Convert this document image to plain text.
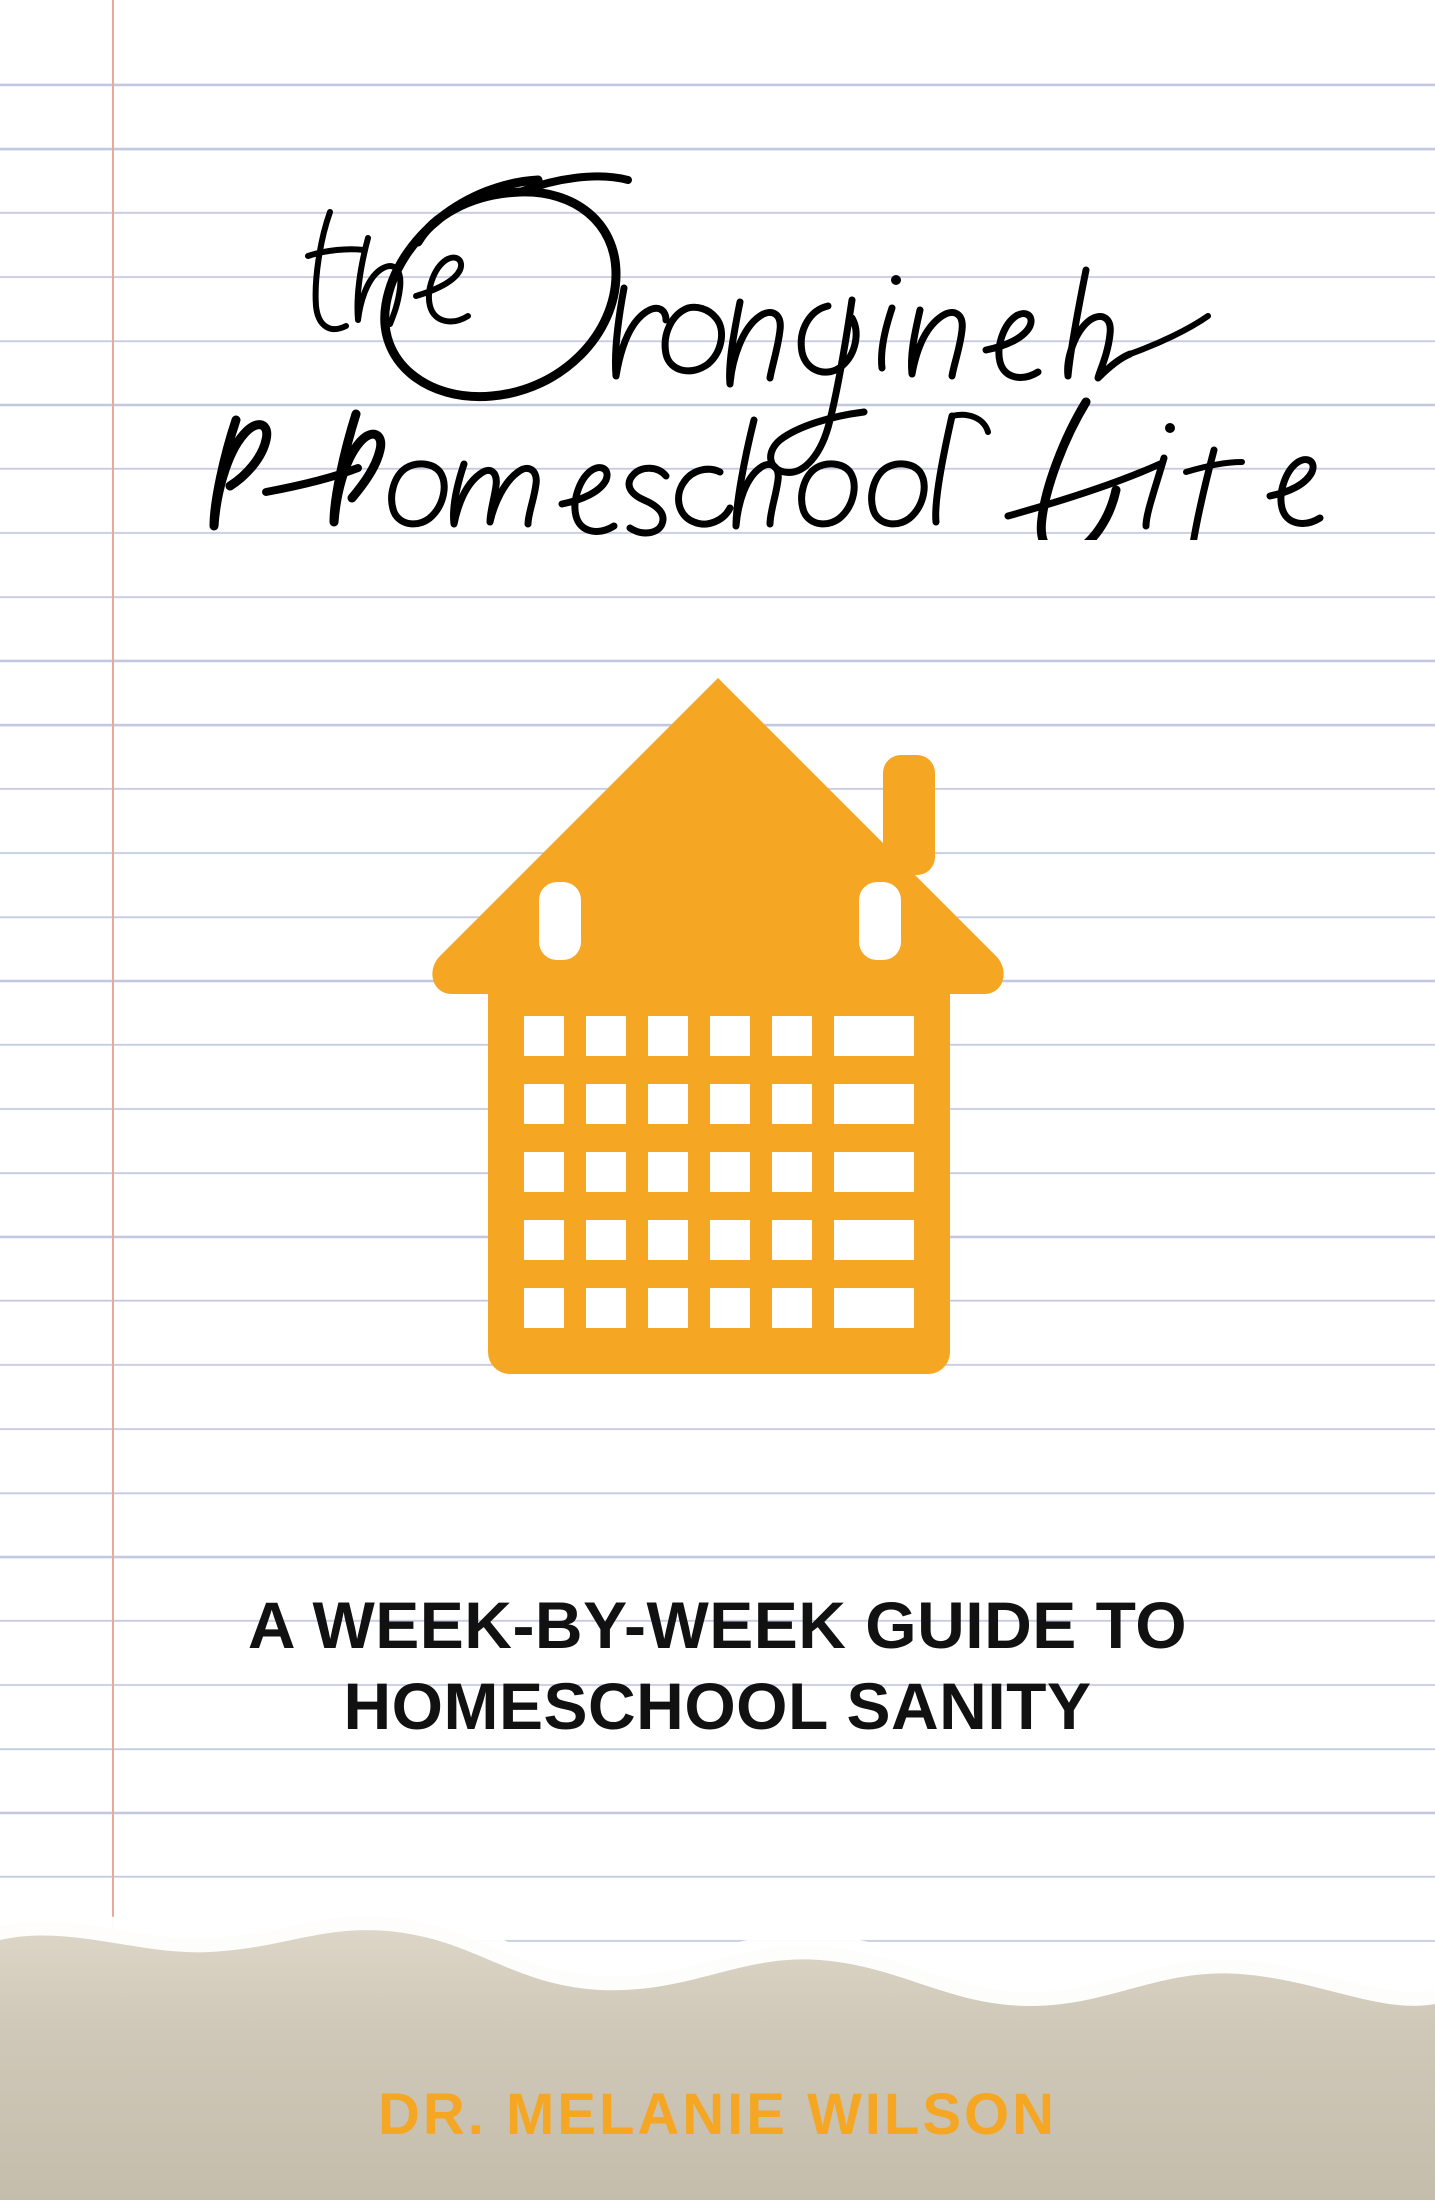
A WEEK-BY-WEEK GUIDE TO
HOMESCHOOL SANITY
DR. MELANIE WILSON
